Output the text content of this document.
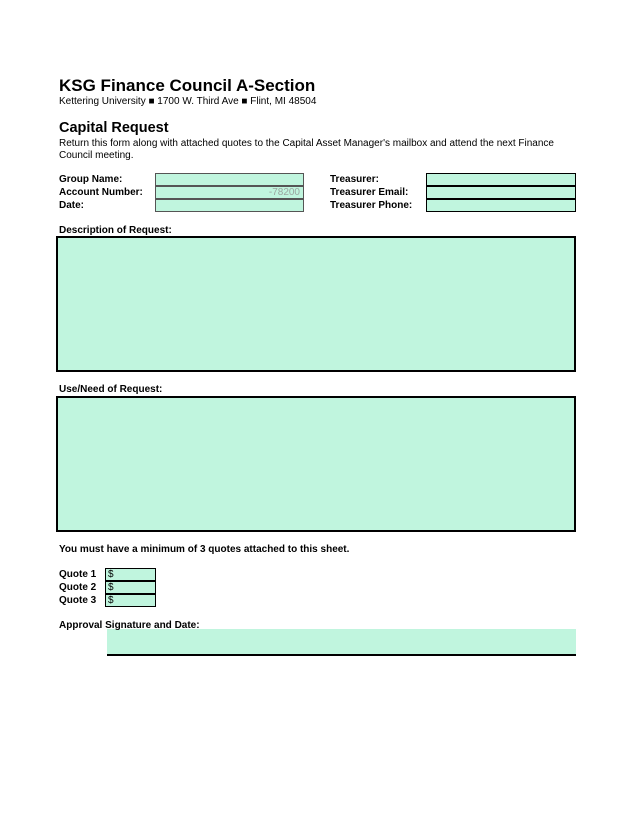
KSG Finance Council A-Section
Kettering University ■ 1700 W. Third Ave ■ Flint, MI 48504
Capital Request
Return this form along with attached quotes to the Capital Asset Manager's mailbox and attend the next Finance Council meeting.
Group Name:
Account Number:
Date:
-78200
Treasurer:
Treasurer Email:
Treasurer Phone:
Description of Request:
Use/Need of Request:
You must have a minimum of 3 quotes attached to this sheet.
Quote 1
Quote 2
Quote 3
$
$
$
Approval Signature and Date:
